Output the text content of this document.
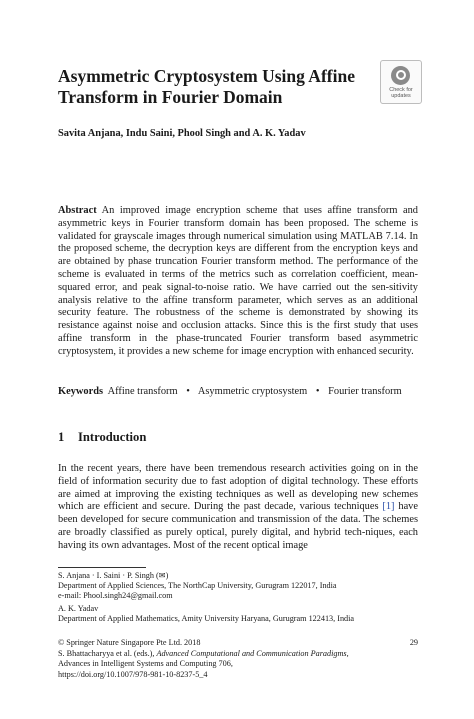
Asymmetric Cryptosystem Using Affine Transform in Fourier Domain	Check for
updates
Savita Anjana, Indu Saini, Phool Singh and A. K. Yadav

Abstract An improved image encryption scheme that uses affine transform and asymmetric keys in Fourier transform domain has been proposed. The scheme is validated for grayscale images through numerical simulation using MATLAB 7.14. In the proposed scheme, the decryption keys are different from the encryption keys and are obtained by phase truncation Fourier transform method. The performance of the scheme is evaluated in terms of the metrics such as correlation coefficient, mean-squared error, and peak signal-to-noise ratio. We have carried out the sen-sitivity analysis relative to the affine transform parameter, which serves as an additional security feature. The robustness of the scheme is demonstrated by showing its resistance against noise and occlusion attacks. Since this is the first study that uses affine transform in the phase-truncated Fourier transform based asymmetric cryptosystem, it provides a new scheme for image encryption with enhanced security.

Keywords Affine transform • Asymmetric cryptosystem • Fourier transform
1 Introduction

In the recent years, there have been tremendous research activities going on in the field of information security due to fast adoption of digital technology. These efforts are aimed at improving the existing techniques as well as developing new schemes which are efficient and secure. During the past decade, various techniques [1] have been developed for secure communication and transmission of the data. The schemes are broadly classified as purely optical, purely digital, and hybrid tech-niques, each having its own advantages. Most of the recent optical image

S. Anjana · I. Saini · P. Singh (✉)
Department of Applied Sciences, The NorthCap University, Gurugram 122017, India
e-mail: Phool.singh24@gmail.com
A. K. Yadav
Department of Applied Mathematics, Amity University Haryana, Gurugram 122413, India
© Springer Nature Singapore Pte Ltd. 2018
S. Bhattacharyya et al. (eds.), Advanced Computational and Communication Paradigms, Advances in Intelligent Systems and Computing 706,
https://doi.org/10.1007/978-981-10-8237-5_4
29
